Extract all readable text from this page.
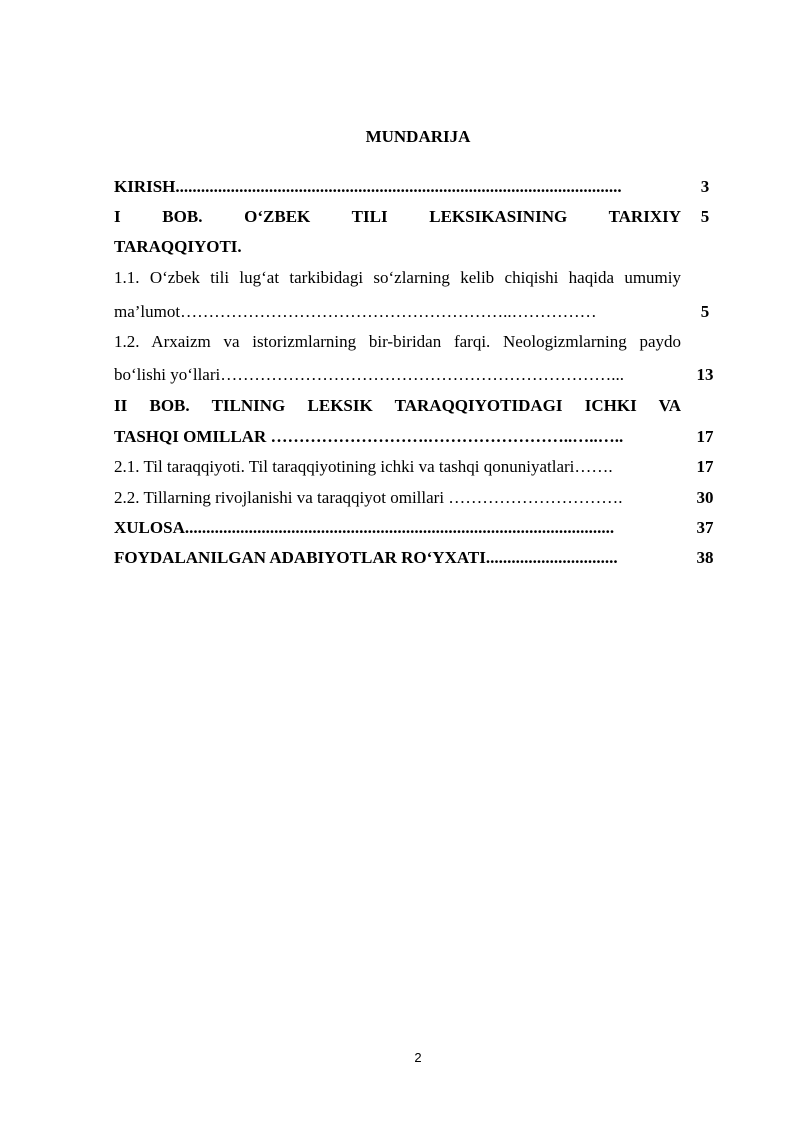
MUNDARIJA
KIRISH.........................................................................................................	3
I BOB. O‘ZBEK TILI LEKSIKASINING TARIXIY	5
TARAQQIYOTI.
1.1. O‘zbek tili lug‘at tarkibidagi so‘zlarning kelib chiqishi haqida umumiy
ma’lumot…………………………………………………..……………	5
1.2. Arxaizm va istorizmlarning bir-biridan farqi. Neologizmlarning paydo
bo‘lishi yo‘llari……………………………………………………………...	13
II BOB. TILNING LEKSIK TARAQQIYOTIDAGI ICHKI VA
TASHQI OMILLAR ……………………….……………………..…..…..	17
2.1. Til taraqqiyoti. Til taraqqiyotining ichki va tashqi qonuniyatlari…….	17
2.2. Tillarning rivojlanishi va taraqqiyot omillari ………………………….	30
XULOSA.....................................................................................................	37
FOYDALANILGAN ADABIYOTLAR RO‘YXATI...............................	38
2
